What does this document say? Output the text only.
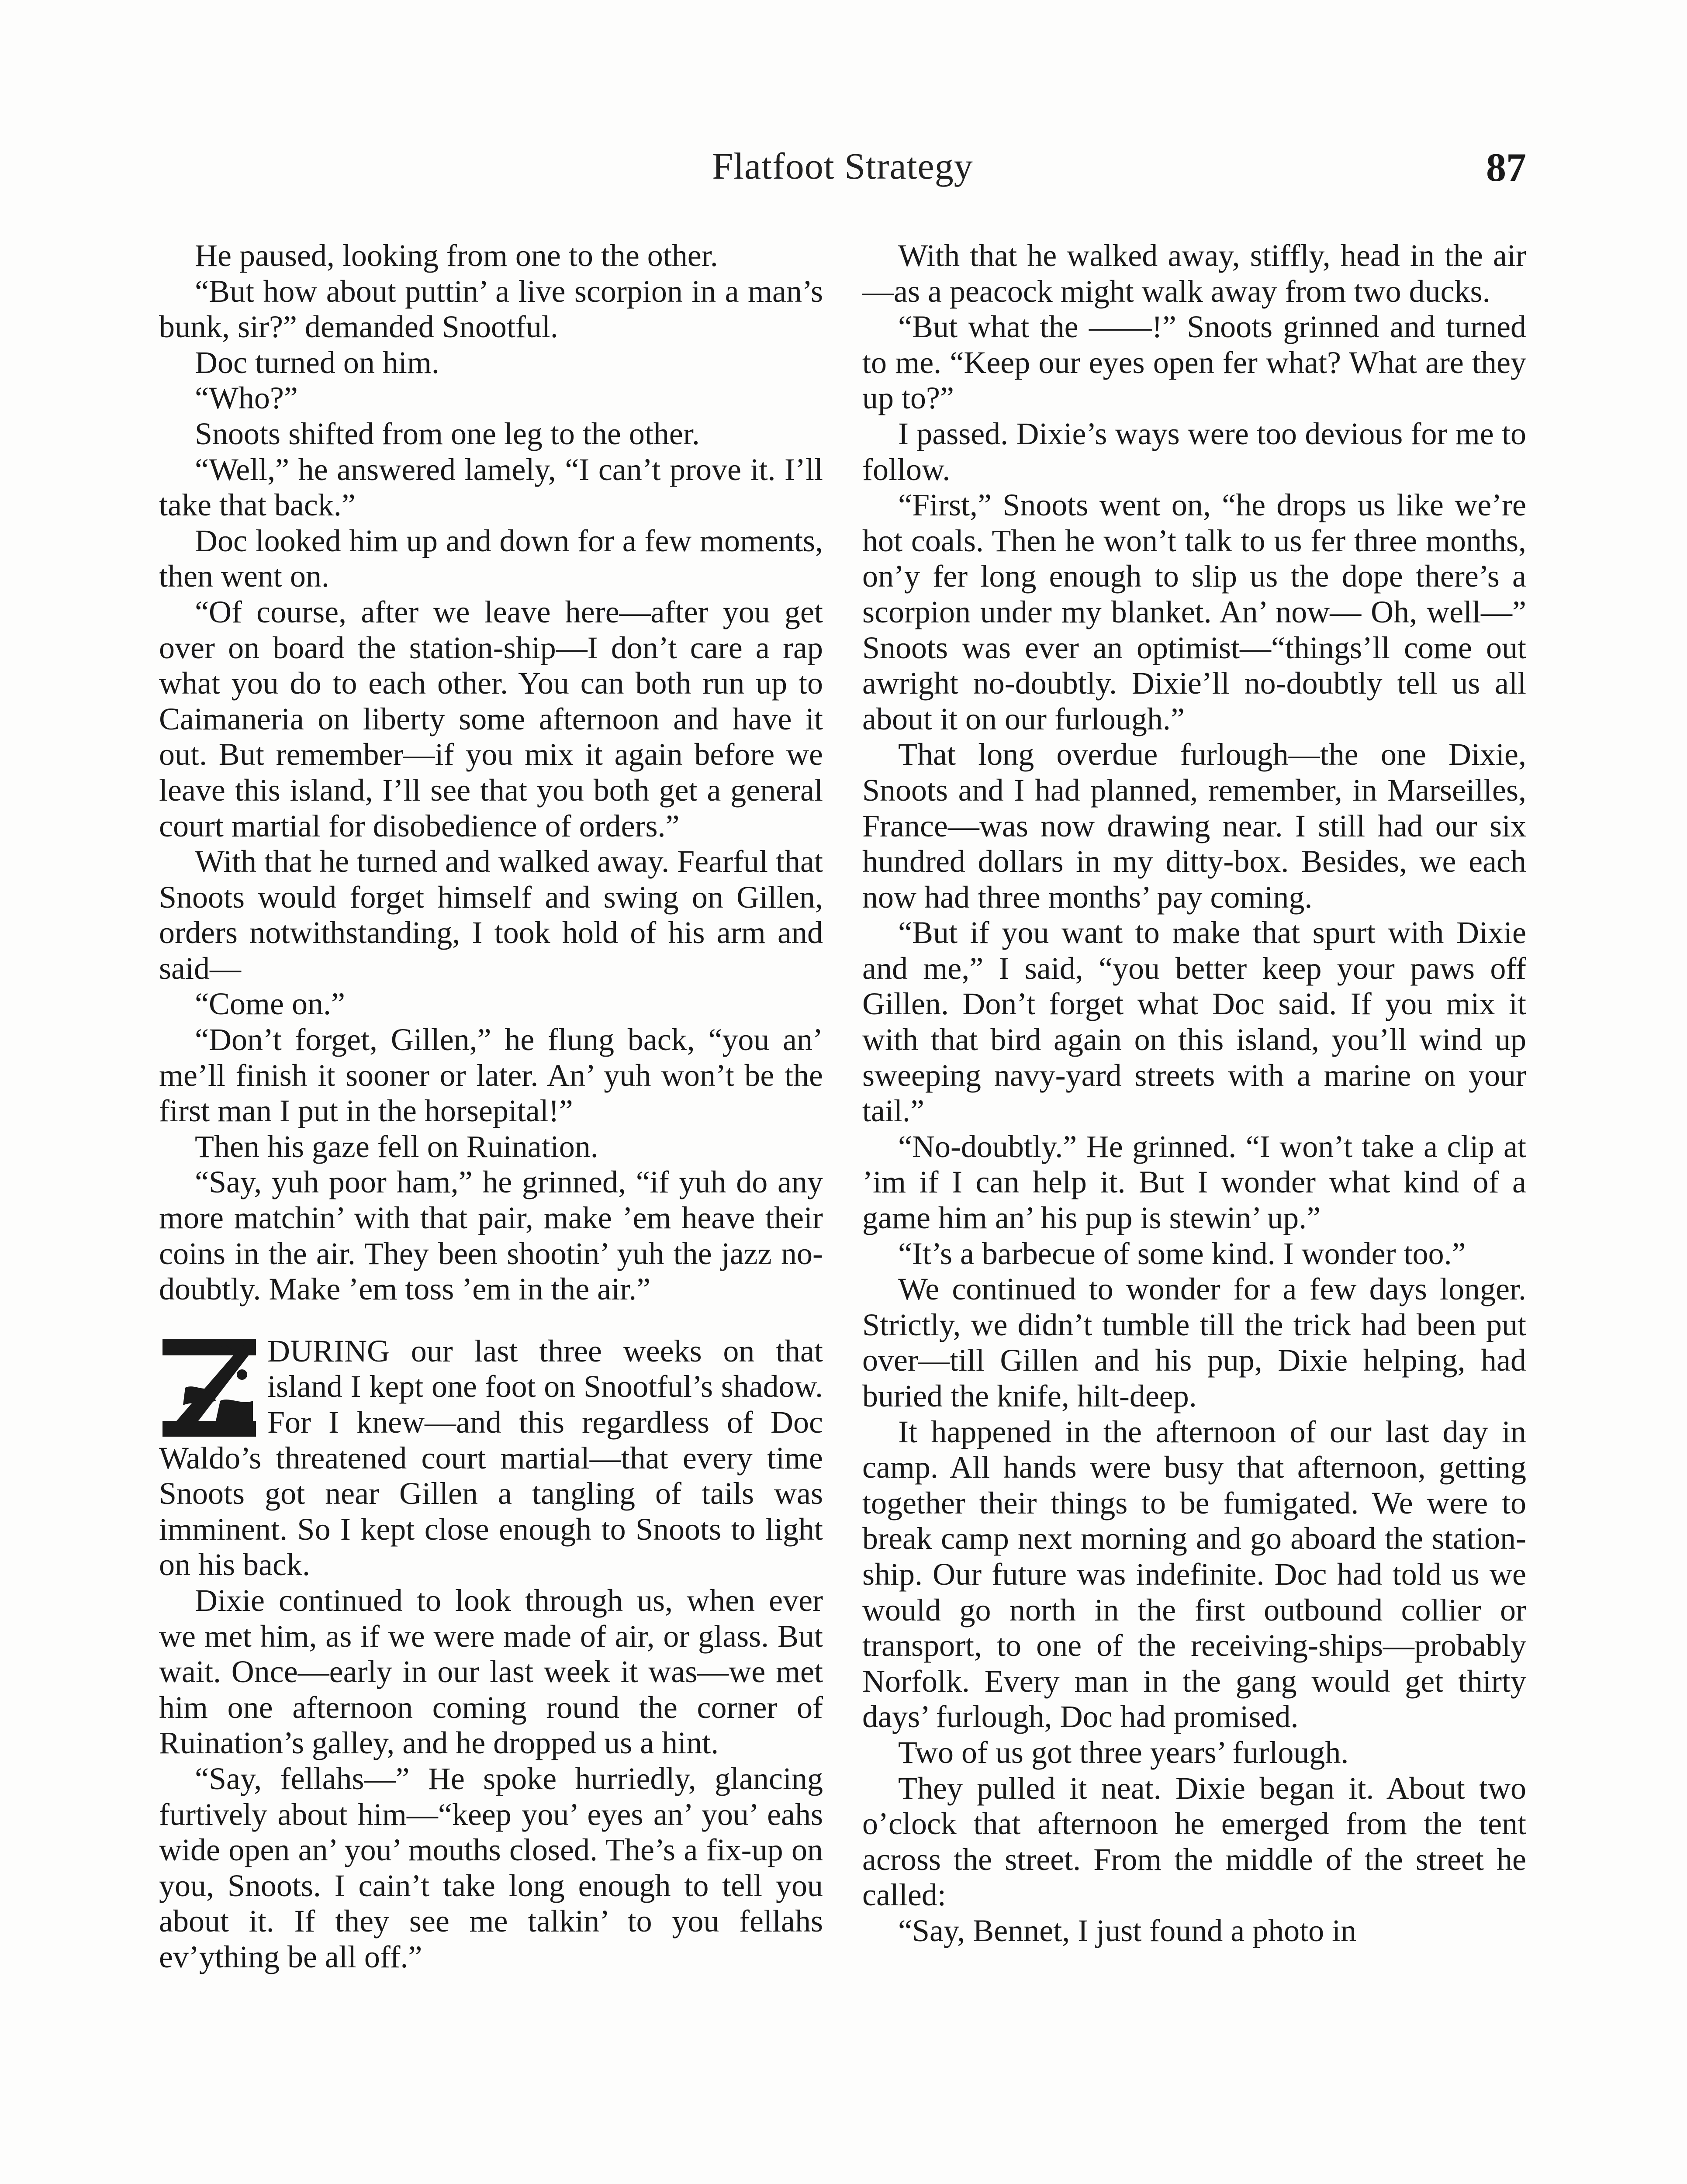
Flatfoot Strategy	87

He paused, looking from one to the other.

“But how about puttin’ a live scorpion in a man’s bunk, sir?” demanded Snootful.

Doc turned on him.

“Who?”

Snoots shifted from one leg to the other.

“Well,” he answered lamely, “I can’t prove it. I’ll take that back.”

Doc looked him up and down for a few moments, then went on.

“Of course, after we leave here—after you get over on board the station-ship—I don’t care a rap what you do to each other. You can both run up to Caimaneria on liberty some afternoon and have it out. But remember—if you mix it again before we leave this island, I’ll see that you both get a general court martial for disobedience of orders.”

With that he turned and walked away. Fearful that Snoots would forget himself and swing on Gillen, orders notwithstanding, I took hold of his arm and said—

“Come on.”

“Don’t forget, Gillen,” he flung back, “you an’ me’ll finish it sooner or later. An’ yuh won’t be the first man I put in the horsepital!”

Then his gaze fell on Ruination.

“Say, yuh poor ham,” he grinned, “if yuh do any more matchin’ with that pair, make ’em heave their coins in the air. They been shootin’ yuh the jazz no-doubtly. Make ’em toss ’em in the air.”

DURING our last three weeks on that island I kept one foot on Snootful’s shadow. For I knew—and this regardless of Doc Waldo’s threatened court martial—that every time Snoots got near Gillen a tangling of tails was imminent. So I kept close enough to Snoots to light on his back.

Dixie continued to look through us, when ever we met him, as if we were made of air, or glass. But wait. Once—early in our last week it was—we met him one afternoon coming round the corner of Ruination’s galley, and he dropped us a hint.

“Say, fellahs—” He spoke hurriedly, glancing furtively about him—“keep you’ eyes an’ you’ eahs wide open an’ you’ mouths closed. The’s a fix-up on you, Snoots. I cain’t take long enough to tell you about it. If they see me talkin’ to you fellahs ev’ything be all off.”

With that he walked away, stiffly, head in the air—as a peacock might walk away from two ducks.

“But what the ——!” Snoots grinned and turned to me. “Keep our eyes open fer what? What are they up to?”

I passed. Dixie’s ways were too devious for me to follow.

“First,” Snoots went on, “he drops us like we’re hot coals. Then he won’t talk to us fer three months, on’y fer long enough to slip us the dope there’s a scorpion under my blanket. An’ now— Oh, well—” Snoots was ever an optimist—“things’ll come out awright no-doubtly. Dixie’ll no-doubtly tell us all about it on our furlough.”

That long overdue furlough—the one Dixie, Snoots and I had planned, remember, in Marseilles, France—was now drawing near. I still had our six hundred dollars in my ditty-box. Besides, we each now had three months’ pay coming.

“But if you want to make that spurt with Dixie and me,” I said, “you better keep your paws off Gillen. Don’t forget what Doc said. If you mix it with that bird again on this island, you’ll wind up sweeping navy-yard streets with a marine on your tail.”

“No-doubtly.” He grinned. “I won’t take a clip at ’im if I can help it. But I wonder what kind of a game him an’ his pup is stewin’ up.”

“It’s a barbecue of some kind. I wonder too.”

We continued to wonder for a few days longer. Strictly, we didn’t tumble till the trick had been put over—till Gillen and his pup, Dixie helping, had buried the knife, hilt-deep.

It happened in the afternoon of our last day in camp. All hands were busy that afternoon, getting together their things to be fumigated. We were to break camp next morning and go aboard the station-ship. Our future was indefinite. Doc had told us we would go north in the first outbound collier or transport, to one of the receiving-ships—probably Norfolk. Every man in the gang would get thirty days’ furlough, Doc had promised.

Two of us got three years’ furlough.

They pulled it neat. Dixie began it. About two o’clock that afternoon he emerged from the tent across the street. From the middle of the street he called:

“Say, Bennet, I just found a photo in
